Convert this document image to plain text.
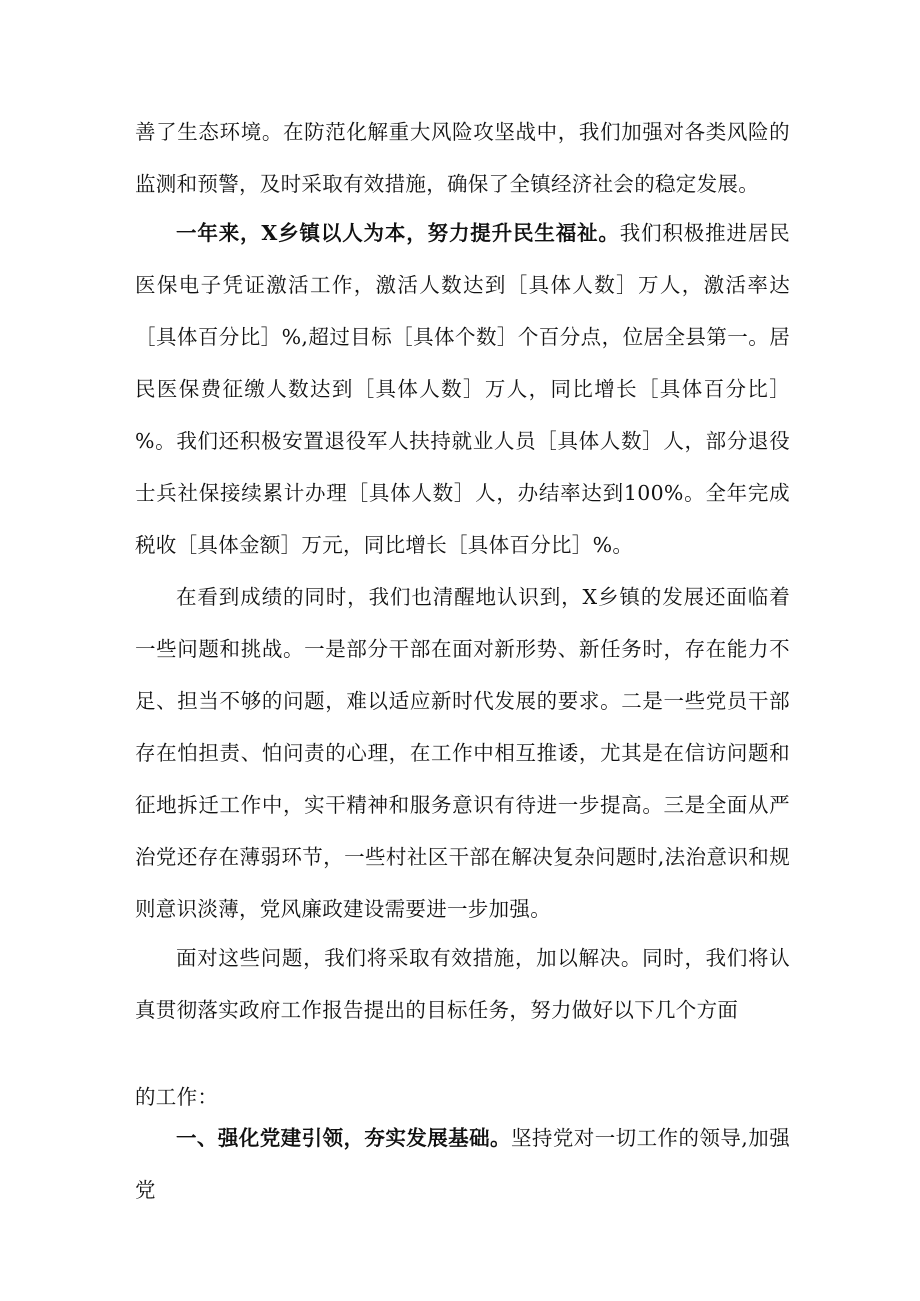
善了生态环境。在防范化解重大风险攻坚战中，我们加强对各类风险的监测和预警，及时采取有效措施，确保了全镇经济社会的稳定发展。

一年来，X乡镇以人为本，努力提升民生福祉。我们积极推进居民医保电子凭证激活工作，激活人数达到［具体人数］万人，激活率达［具体百分比］%,超过目标［具体个数］个百分点，位居全县第一。居民医保费征缴人数达到［具体人数］万人，同比增长［具体百分比］%。我们还积极安置退役军人扶持就业人员［具体人数］人，部分退役士兵社保接续累计办理［具体人数］人，办结率达到100%。全年完成税收［具体金额］万元，同比增长［具体百分比］%。

在看到成绩的同时，我们也清醒地认识到，X乡镇的发展还面临着一些问题和挑战。一是部分干部在面对新形势、新任务时，存在能力不足、担当不够的问题，难以适应新时代发展的要求。二是一些党员干部存在怕担责、怕问责的心理，在工作中相互推诿，尤其是在信访问题和征地拆迁工作中，实干精神和服务意识有待进一步提高。三是全面从严治党还存在薄弱环节，一些村社区干部在解决复杂问题时,法治意识和规则意识淡薄，党风廉政建设需要进一步加强。

面对这些问题，我们将采取有效措施，加以解决。同时，我们将认真贯彻落实政府工作报告提出的目标任务，努力做好以下几个方面

的工作：

一、强化党建引领，夯实发展基础。坚持党对一切工作的领导,加强党
